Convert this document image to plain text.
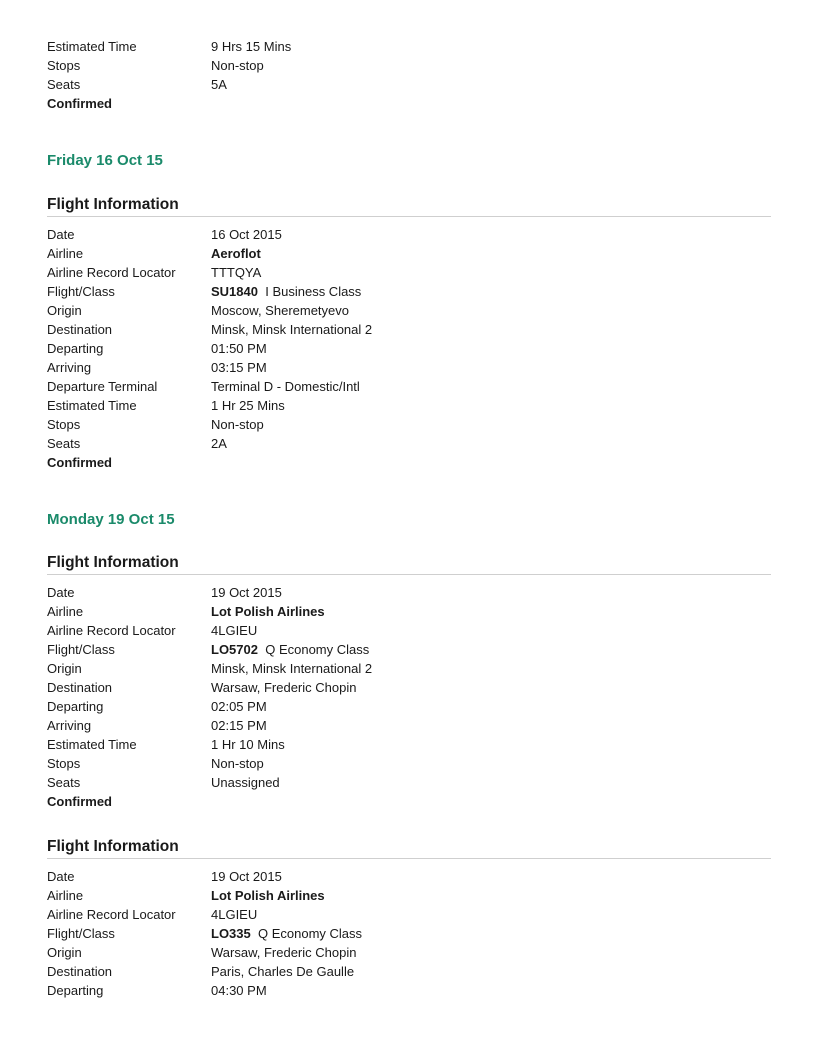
Estimated Time	9 Hrs 15 Mins
Stops	Non-stop
Seats	5A
Confirmed
Friday 16 Oct 15
Flight Information
Date	16 Oct 2015
Airline	Aeroflot
Airline Record Locator	TTTQYA
Flight/Class	SU1840 I Business Class
Origin	Moscow, Sheremetyevo
Destination	Minsk, Minsk International 2
Departing	01:50 PM
Arriving	03:15 PM
Departure Terminal	Terminal D - Domestic/Intl
Estimated Time	1 Hr 25 Mins
Stops	Non-stop
Seats	2A
Confirmed
Monday 19 Oct 15
Flight Information
Date	19 Oct 2015
Airline	Lot Polish Airlines
Airline Record Locator	4LGIEU
Flight/Class	LO5702 Q Economy Class
Origin	Minsk, Minsk International 2
Destination	Warsaw, Frederic Chopin
Departing	02:05 PM
Arriving	02:15 PM
Estimated Time	1 Hr 10 Mins
Stops	Non-stop
Seats	Unassigned
Confirmed
Flight Information
Date	19 Oct 2015
Airline	Lot Polish Airlines
Airline Record Locator	4LGIEU
Flight/Class	LO335 Q Economy Class
Origin	Warsaw, Frederic Chopin
Destination	Paris, Charles De Gaulle
Departing	04:30 PM
